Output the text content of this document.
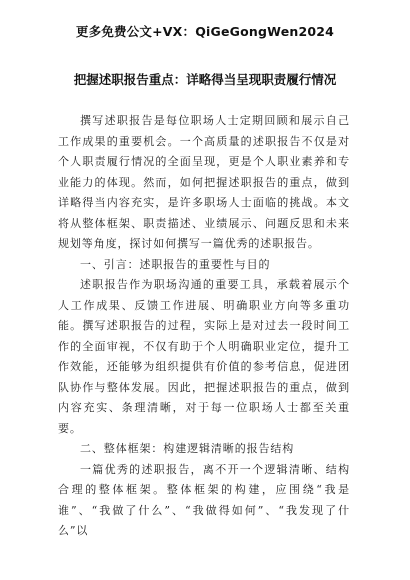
更多免费公文+VX：QiGeGongWen2024
把握述职报告重点：详略得当呈现职责履行情况

撰写述职报告是每位职场人士定期回顾和展示自己工作成果的重要机会。一个高质量的述职报告不仅是对个人职责履行情况的全面呈现，更是个人职业素养和专业能力的体现。然而，如何把握述职报告的重点，做到详略得当内容充实，是许多职场人士面临的挑战。本文将从整体框架、职责描述、业绩展示、问题反思和未来规划等角度，探讨如何撰写一篇优秀的述职报告。

一、引言：述职报告的重要性与目的

述职报告作为职场沟通的重要工具，承载着展示个人工作成果、反馈工作进展、明确职业方向等多重功能。撰写述职报告的过程，实际上是对过去一段时间工作的全面审视，不仅有助于个人明确职业定位，提升工作效能，还能够为组织提供有价值的参考信息，促进团队协作与整体发展。因此，把握述职报告的重点，做到内容充实、条理清晰，对于每一位职场人士都至关重要。

二、整体框架：构建逻辑清晰的报告结构

一篇优秀的述职报告，离不开一个逻辑清晰、结构合理的整体框架。整体框架的构建，应围绕“我是谁”、“我做了什么”、“我做得如何”、“我发现了什么”以
